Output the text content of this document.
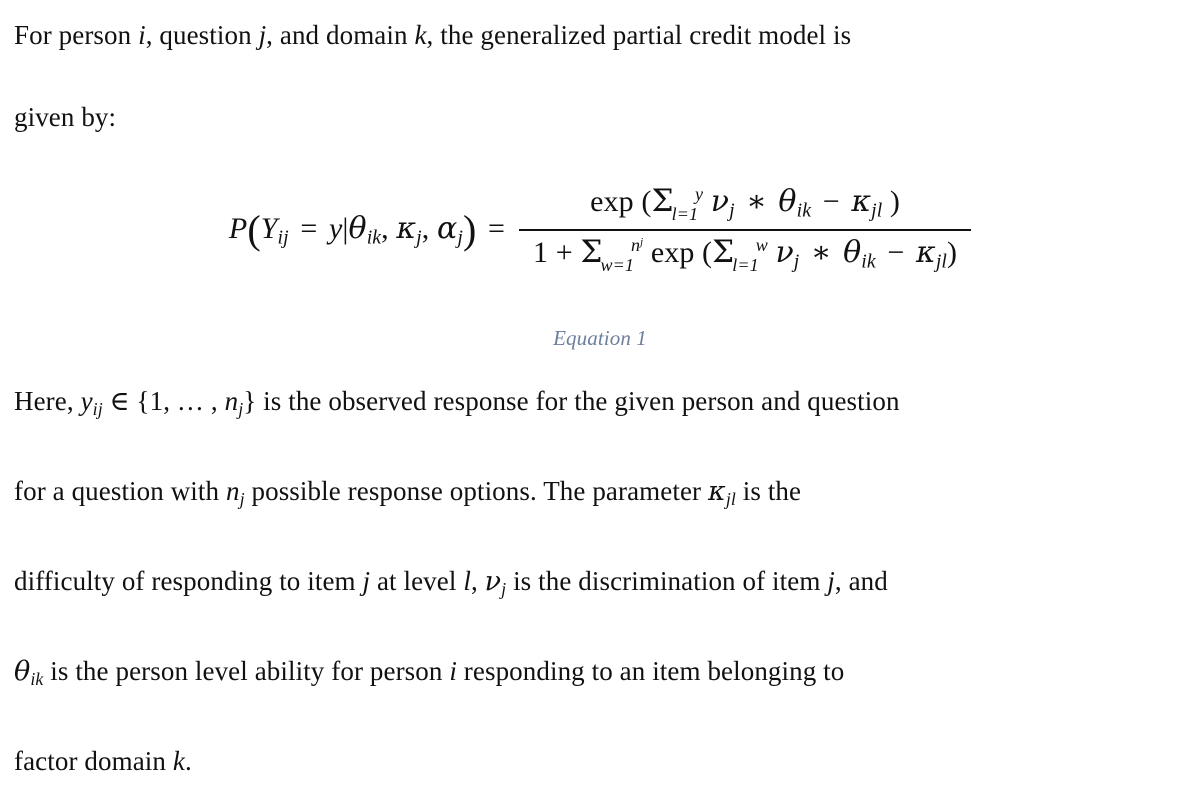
For person i, question j, and domain k, the generalized partial credit model is
given by:
$P(Y_{ij} = y|\theta_{ik}$, $\kappa_j$, $\alpha_j) = \frac{\exp (\Sigma_{l=1}^y \nu_j ∗ \theta_{ik} - \kappa_{jl} )}{1 + \Sigma_{w=1}^{n^j} \exp (\Sigma_{l=1}^w \nu_j ∗ \theta_{ik} - \kappa_{jl})}$
Equation 1
Here, $y_{ij}$ ∈ {1, … , $n_j$} is the observed response for the given person and question
for a question with $n_j$ possible response options. The parameter $\kappa_{jl}$ is the
difficulty of responding to item j at level l, $\nu_j$ is the discrimination of item j, and
$\theta_{ik}$ is the person level ability for person i responding to an item belonging to
factor domain k.
